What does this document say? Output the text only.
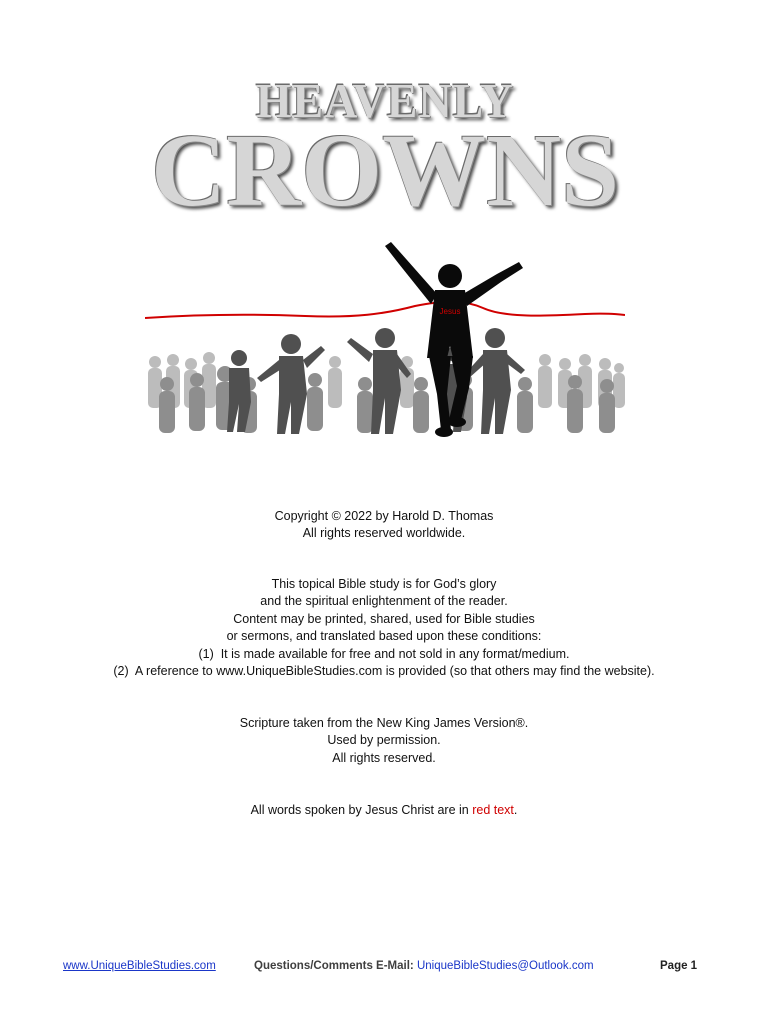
HEAVENLY
CROWNS
Jesus
Copyright © 2022 by Harold D. Thomas
All rights reserved worldwide.
This topical Bible study is for God’s glory
and the spiritual enlightenment of the reader.
Content may be printed, shared, used for Bible studies
or sermons, and translated based upon these conditions:
(1)  It is made available for free and not sold in any format/medium.
(2)  A reference to www.UniqueBibleStudies.com is provided (so that others may find the website).
Scripture taken from the New King James Version®.
Used by permission.
All rights reserved.
All words spoken by Jesus Christ are in red text.
www.UniqueBibleStudies.com	Questions/Comments E-Mail: UniqueBibleStudies@Outlook.com	Page 1
